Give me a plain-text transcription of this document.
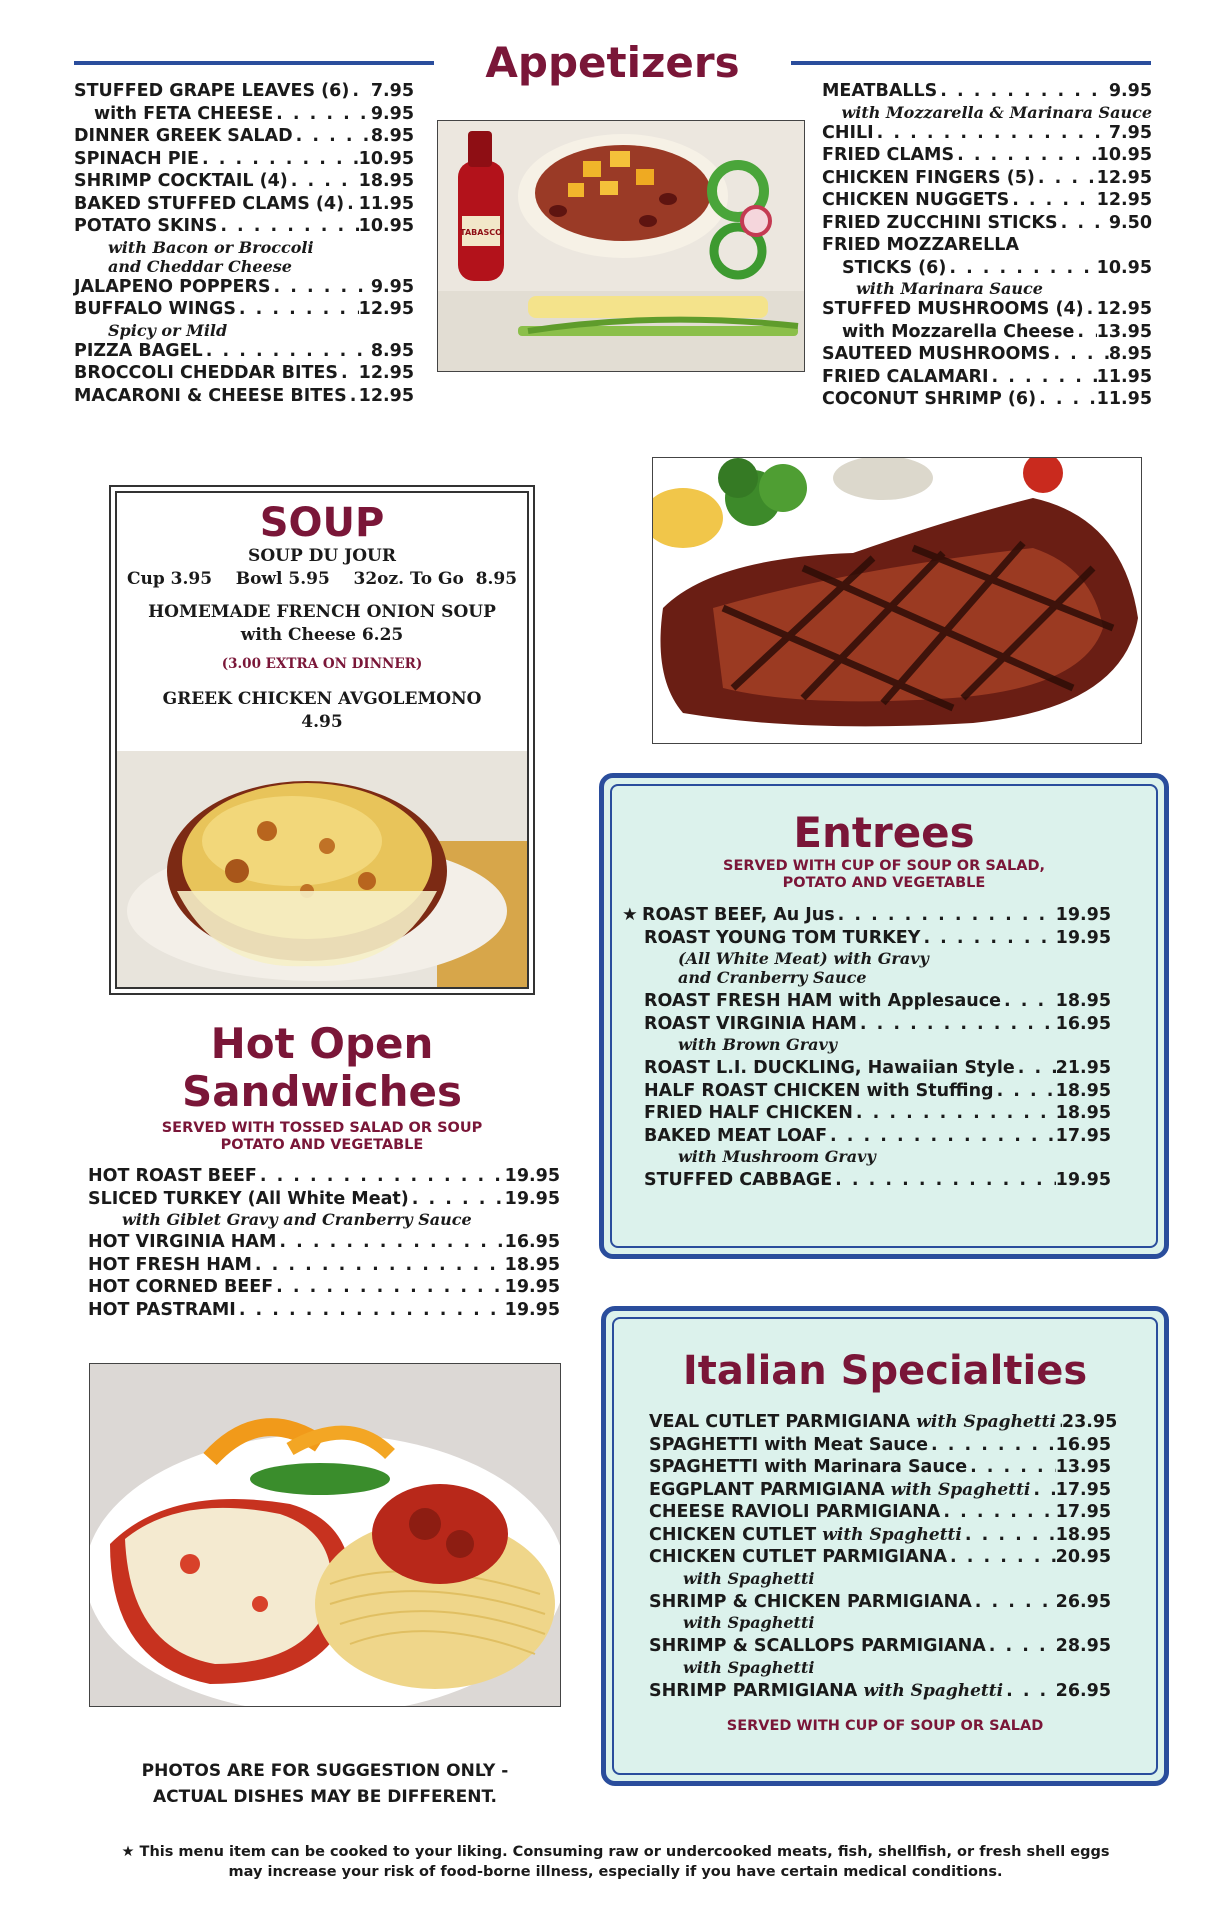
Appetizers
STUFFED GRAPE LEAVES (6) . . . 7.95
with FETA CHEESE . . .	9.95
DINNER GREEK SALAD . . .	8.95
SPINACH PIE . . .	10.95
SHRIMP COCKTAIL (4) . . .	18.95
BAKED STUFFED CLAMS (4) . . . 11.95
POTATO SKINS . . .	10.95
with Bacon or Broccoli
and Cheddar Cheese
JALAPENO POPPERS . . .	9.95
BUFFALO WINGS . . .	12.95
Spicy or Mild
PIZZA BAGEL . . .	8.95
BROCCOLI CHEDDAR BITES . . . 12.95
MACARONI & CHEESE BITES . . . 12.95
TABASCO
MEATBALLS . . .	9.95
with Mozzarella & Marinara Sauce
CHILI . . .	7.95
FRIED CLAMS . . .	10.95
CHICKEN FINGERS (5) . . .	12.95
CHICKEN NUGGETS . . .	12.95
FRIED ZUCCHINI STICKS . . .	9.50
FRIED MOZZARELLA
STICKS (6) . . .	10.95
with Marinara Sauce
STUFFED MUSHROOMS (4) . . . 12.95
with Mozzarella Cheese . . . 13.95
SAUTEED MUSHROOMS . . .	8.95
FRIED CALAMARI . . .	11.95
COCONUT SHRIMP (6) . . .	11.95
SOUP
SOUP DU JOUR
Cup 3.95    Bowl 5.95    32oz. To Go  8.95
HOMEMADE FRENCH ONION SOUP
with Cheese 6.25
(3.00 EXTRA ON DINNER)
GREEK CHICKEN AVGOLEMONO
4.95
Entrees
SERVED WITH CUP OF SOUP OR SALAD,
POTATO AND VEGETABLE
★ ROAST BEEF, Au Jus . . .	19.95
ROAST YOUNG TOM TURKEY . . .	19.95
(All White Meat) with Gravy
and Cranberry Sauce
ROAST FRESH HAM with Applesauce . . .	18.95
ROAST VIRGINIA HAM . . .	16.95
with Brown Gravy
ROAST L.I. DUCKLING, Hawaiian Style . . . 21.95
HALF ROAST CHICKEN with Stuffing . . .	18.95
FRIED HALF CHICKEN . . .	18.95
BAKED MEAT LOAF . . .	17.95
with Mushroom Gravy
STUFFED CABBAGE . . .	19.95
Hot Open
Sandwiches
SERVED WITH TOSSED SALAD OR SOUP
POTATO AND VEGETABLE
HOT ROAST BEEF . . .	19.95
SLICED TURKEY (All White Meat) . . .	19.95
with Giblet Gravy and Cranberry Sauce
HOT VIRGINIA HAM . . .	16.95
HOT FRESH HAM . . .	18.95
HOT CORNED BEEF . . .	19.95
HOT PASTRAMI . . .	19.95
Italian Specialties
VEAL CUTLET PARMIGIANA with Spaghetti . . . 23.95
SPAGHETTI with Meat Sauce . . .	16.95
SPAGHETTI with Marinara Sauce . . .	13.95
EGGPLANT PARMIGIANA with Spaghetti . . . 17.95
CHEESE RAVIOLI PARMIGIANA . . .	17.95
CHICKEN CUTLET with Spaghetti . . .	18.95
CHICKEN CUTLET PARMIGIANA . . .	20.95
with Spaghetti
SHRIMP & CHICKEN PARMIGIANA . . .	26.95
with Spaghetti
SHRIMP & SCALLOPS PARMIGIANA . . .	28.95
with Spaghetti
SHRIMP PARMIGIANA with Spaghetti . . .	26.95
SERVED WITH CUP OF SOUP OR SALAD
PHOTOS ARE FOR SUGGESTION ONLY -
ACTUAL DISHES MAY BE DIFFERENT.
★ This menu item can be cooked to your liking. Consuming raw or undercooked meats, fish, shellfish, or fresh shell eggs
may increase your risk of food-borne illness, especially if you have certain medical conditions.
